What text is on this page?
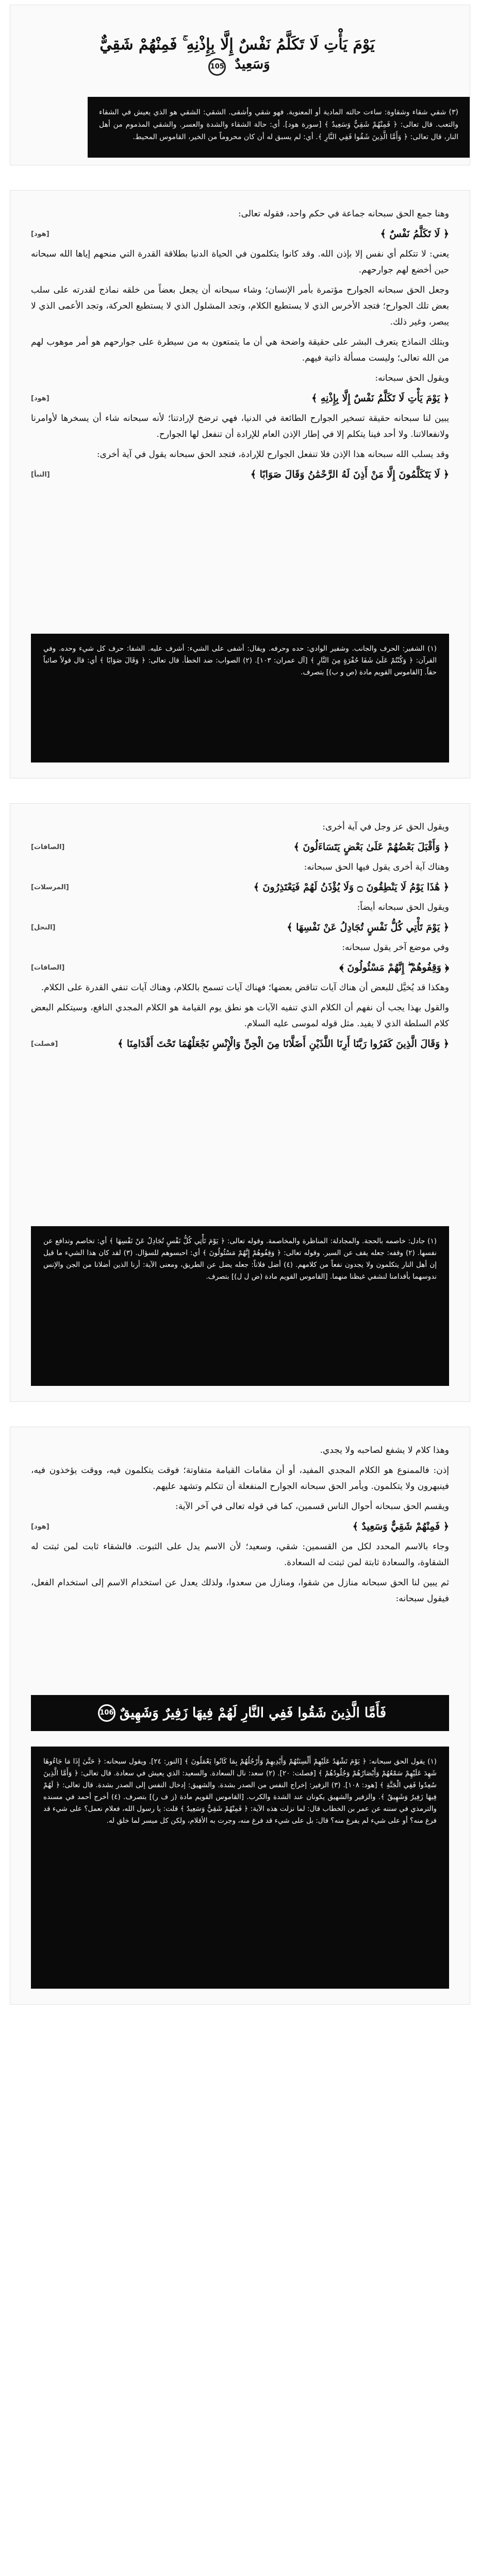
يَوْمَ يَأْتِ لَا تَكَلَّمُ نَفْسٌ إِلَّا بِإِذْنِهِ ۚ فَمِنْهُمْ شَقِيٌّ
وَسَعِيدٌ 105

(٣) شقي شقاء وشقاوة: ساءت حالته المادية أو المعنوية. فهو شقي وأشقى. الشقي: الشقي هو الذي يعيش في الشقاء والتعب. قال تعالى: ﴿ فَمِنْهُمْ شَقِيٌّ وَسَعِيدٌ ﴾ [سورة هود]. أي: حالة الشقاء والشدة والعسر. والشقي المذموم من أهل النار، قال تعالى: ﴿ وَأَمَّا الَّذِينَ شَقُوا فَفِي النَّارِ ﴾. أي: لم يسبق له أن كان محروماً من الخير، القاموس المحيط.

وهنا جمع الحق سبحانه جماعة في حكم واحد، فقوله تعالى:

﴿ لَا تَكَلَّمُ نَفْسٌ ﴾
[هود]

يعني: لا تتكلم أي نفس إلا بإذن الله. وقد كانوا يتكلمون في الحياة الدنيا بطلاقة القدرة التي منحهم إياها الله سبحانه حين أخضع لهم جوارحهم.

وجعل الحق سبحانه الجوارح مؤتمرة بأمر الإنسان؛ وشاء سبحانه أن يجعل بعضاً من خلقه نماذج لقدرته على سلب بعض تلك الجوارح؛ فتجد الأخرس الذي لا يستطيع الكلام، وتجد المشلول الذي لا يستطيع الحركة، وتجد الأعمى الذي لا يبصر، وغير ذلك.

وبتلك النماذج يتعرف البشر على حقيقة واضحة هي أن ما يتمتعون به من سيطرة على جوارحهم هو أمر موهوب لهم من الله تعالى؛ وليست مسألة ذاتية فيهم.

ويقول الحق سبحانه:

﴿ يَوْمَ يَأْتِ لَا تَكَلَّمُ نَفْسٌ إِلَّا بِإِذْنِهِ ﴾
[هود]

يبين لنا سبحانه حقيقة تسخير الجوارح الطائعة في الدنيا، فهي ترضخ لإرادتنا؛ لأنه سبحانه شاء أن يسخرها لأوامرنا ولانفعالاتنا. ولا أحد فينا يتكلم إلا في إطار الإذن العام للإرادة أن تنفعل لها الجوارح.

وقد يسلب الله سبحانه هذا الإذن فلا تنفعل الجوارح للإرادة، فتجد الحق سبحانه يقول في آية أخرى:

﴿ لَا يَتَكَلَّمُونَ إِلَّا مَنْ أَذِنَ لَهُ الرَّحْمَٰنُ وَقَالَ صَوَابًا ﴾
[النبأ]

(١) الشفير: الحرف والجانب. وشفير الوادي: حده وحرفه. ويقال: أشفى على الشيء: أشرف عليه. الشفا: حرف كل شيء وحده. وفي القرآن: ﴿ وَكُنْتُمْ عَلَىٰ شَفَا حُفْرَةٍ مِنَ النَّارِ ﴾ [آل عمران: ١٠٣]. (٢) الصواب: ضد الخطأ. قال تعالى: ﴿ وَقَالَ صَوَابًا ﴾ أي: قال قولاً صائباً حقاً. [القاموس القويم مادة (ص و ب)] بتصرف.

ويقول الحق عز وجل في آية أخرى:

﴿ وَأَقْبَلَ بَعْضُهُمْ عَلَىٰ بَعْضٍ يَتَسَاءَلُونَ ﴾
[الصافات]

وهناك آية أخرى يقول فيها الحق سبحانه:

﴿ هَٰذَا يَوْمُ لَا يَنْطِقُونَ ۝ وَلَا يُؤْذَنُ لَهُمْ فَيَعْتَذِرُونَ ﴾
[المرسلات]

ويقول الحق سبحانه أيضاً:

﴿ يَوْمَ تَأْتِي كُلُّ نَفْسٍ تُجَادِلُ عَنْ نَفْسِهَا ﴾
[النحل]

وفي موضع آخر يقول سبحانه:

﴿ وَقِفُوهُمْ ۖ إِنَّهُمْ مَسْئُولُونَ ﴾
[الصافات]

وهكذا قد يُخيَّل للبعض أن هناك آيات تناقض بعضها؛ فهناك آيات تسمح بالكلام، وهناك آيات تنفي القدرة على الكلام.

والقول بهذا يجب أن نفهم أن الكلام الذي تنفيه الآيات هو نطق يوم القيامة هو الكلام المجدي النافع، وسيتكلم البعض كلام السلطة الذي لا يفيد. مثل قوله لموسى عليه السلام.

﴿ وَقَالَ الَّذِينَ كَفَرُوا رَبَّنَا أَرِنَا اللَّذَيْنِ أَضَلَّانَا مِنَ الْجِنِّ وَالْإِنْسِ نَجْعَلْهُمَا تَحْتَ أَقْدَامِنَا ﴾
[فصلت]

(١) جادل: خاصمه بالحجة. والمجادلة: المناظرة والمخاصمة. وقوله تعالى: ﴿ يَوْمَ تَأْتِي كُلُّ نَفْسٍ تُجَادِلُ عَنْ نَفْسِهَا ﴾ أي: تخاصم وتدافع عن نفسها. (٢) وقفه: جعله يقف عن السير. وقوله تعالى: ﴿ وَقِفُوهُمْ إِنَّهُمْ مَسْئُولُونَ ﴾ أي: احبسوهم للسؤال. (٣) لقد كان هذا الشيء ما قيل إن أهل النار يتكلمون ولا يجدون نفعاً من كلامهم. (٤) أضل فلاناً: جعله يضل عن الطريق، ومعنى الآية: أرنا الذين أضلانا من الجن والإنس ندوسهما بأقدامنا لنشفي غيظنا منهما. [القاموس القويم مادة (ض ل ل)] بتصرف.

وهذا كلام لا يشفع لصاحبه ولا يجدي.

إذن: فالممنوع هو الكلام المجدي المفيد، أو أن مقامات القيامة متفاوتة؛ فوقت يتكلمون فيه، ووقت يؤخذون فيه، فينبهرون ولا يتكلمون. ويأمر الحق سبحانه الجوارح المنفعلة أن تتكلم وتشهد عليهم.

ويقسم الحق سبحانه أحوال الناس قسمين، كما في قوله تعالى في آخر الآية:

﴿ فَمِنْهُمْ شَقِيٌّ وَسَعِيدٌ ﴾
[هود]

وجاء بالاسم المحدد لكل من القسمين: شقي، وسعيد؛ لأن الاسم يدل على الثبوت. فالشقاء ثابت لمن ثبتت له الشقاوة، والسعادة ثابتة لمن ثبتت له السعادة.

ثم يبين لنا الحق سبحانه منازل من شقوا، ومنازل من سعدوا، ولذلك يعدل عن استخدام الاسم إلى استخدام الفعل، فيقول سبحانه:

فَأَمَّا الَّذِينَ شَقُوا فَفِي النَّارِ لَهُمْ فِيهَا زَفِيرٌ وَشَهِيقٌ
106

(١) يقول الحق سبحانه: ﴿ يَوْمَ تَشْهَدُ عَلَيْهِمْ أَلْسِنَتُهُمْ وَأَيْدِيهِمْ وَأَرْجُلُهُمْ بِمَا كَانُوا يَعْمَلُونَ ﴾ [النور: ٢٤]. ويقول سبحانه: ﴿ حَتَّىٰ إِذَا مَا جَاءُوهَا شَهِدَ عَلَيْهِمْ سَمْعُهُمْ وَأَبْصَارُهُمْ وَجُلُودُهُمْ ﴾ [فصلت: ٢٠]. (٢) سعد: نال السعادة. والسعيد: الذي يعيش في سعادة. قال تعالى: ﴿ وَأَمَّا الَّذِينَ سُعِدُوا فَفِي الْجَنَّةِ ﴾ [هود: ١٠٨]. (٣) الزفير: إخراج النفس من الصدر بشدة. والشهيق: إدخال النفس إلى الصدر بشدة. قال تعالى: ﴿ لَهُمْ فِيهَا زَفِيرٌ وَشَهِيقٌ ﴾. والزفير والشهيق يكونان عند الشدة والكرب. [القاموس القويم مادة (ز ف ر)] بتصرف. (٤) أخرج أحمد في مسنده والترمذي في سننه عن عمر بن الخطاب قال: لما نزلت هذه الآية: ﴿ فَمِنْهُمْ شَقِيٌّ وَسَعِيدٌ ﴾ قلت: يا رسول الله، فعلام نعمل؟ على شيء قد فرغ منه؟ أو على شيء لم يفرغ منه؟ قال: بل على شيء قد فرغ منه، وجرت به الأقلام، ولكن كل ميسر لما خلق له.
